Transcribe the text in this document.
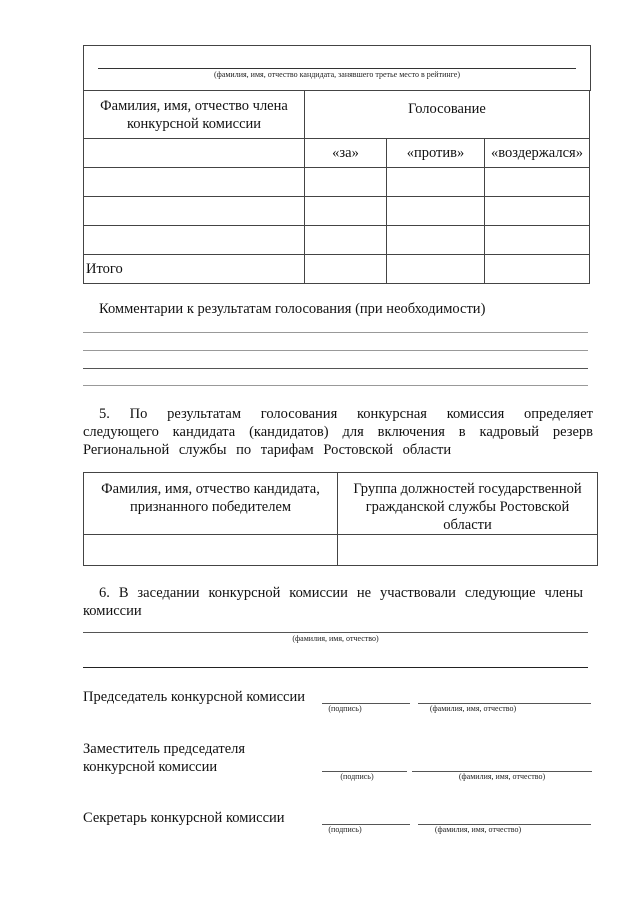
(фамилия, имя, отчество кандидата, занявшего третье место в рейтинге)
Фамилия, имя, отчество члена конкурсной комиссии	Голосование		
	«за»	«против»	«воздержался»

Итого			
Комментарии к результатам голосования (при необходимости)
5. По результатам голосования конкурсная комиссия определяет следующего кандидата (кандидатов) для включения в кадровый резерв Региональной службы по тарифам Ростовской области
Фамилия, имя, отчество кандидата, признанного победителем	Группа должностей государственной гражданской службы Ростовской области

6. В заседании конкурсной комиссии не участвовали следующие члены комиссии
(фамилия, имя, отчество)
Председатель конкурсной комиссии
(подпись)	(фамилия, имя, отчество)
Заместитель председателя
конкурсной комиссии
(подпись)	(фамилия, имя, отчество)
Секретарь конкурсной комиссии
(подпись)	(фамилия, имя, отчество)
